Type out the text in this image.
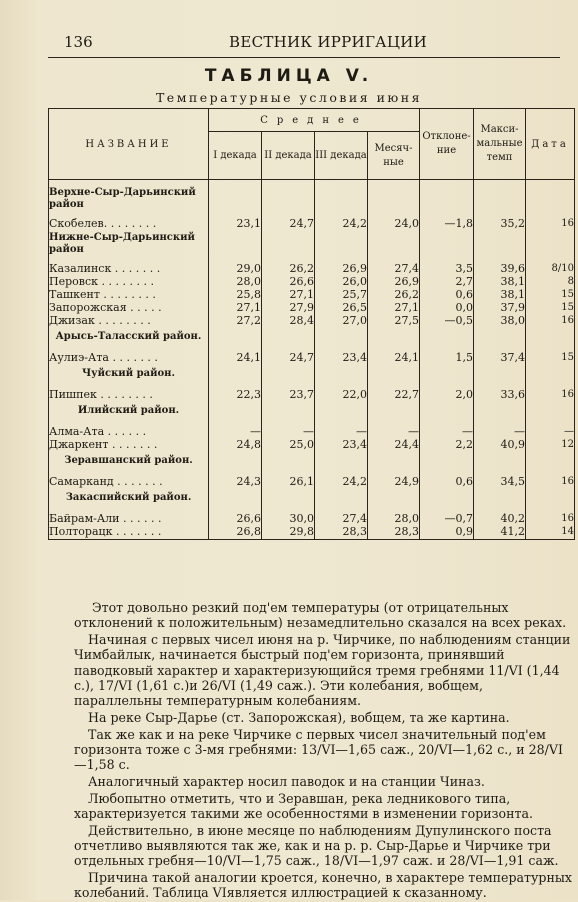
136	ВЕСТНИК ИРРИГАЦИИ
ТАБЛИЦА V.
Температурные условия июня
НАЗВАНИЕ	Среднее				Отклоне-ние	Макси-мальные темп	Дата
	I декада	II декада	III декада	Месяч-ные			

Верхне-Сыр-Дарьинский район							

Скобелев. . . . . . . .	23,1	24,7	24,2	24,0	—1,8	35,2	16
Нижне-Сыр-Дарьинский район							

Казалинск . . . . . . .	29,0	26,2	26,9	27,4	3,5	39,6	8/10
Перовск . . . . . . . .	28,0	26,6	26,0	26,9	2,7	38,1	8
Ташкент . . . . . . . .	25,8	27,1	25,7	26,2	0,6	38,1	15
Запорожская . . . . .	27,1	27,9	26,5	27,1	0,0	37,9	15
Джизак . . . . . . . .	27,2	28,4	27,0	27,5	—0,5	38,0	16
Арысь-Таласский район.							

Аулиэ-Ата . . . . . . .	24,1	24,7	23,4	24,1	1,5	37,4	15
Чуйский район.							

Пишпек . . . . . . . .	22,3	23,7	22,0	22,7	2,0	33,6	16
Илийский район.							

Алма-Ата . . . . . .	—	—	—	—	—	—	—
Джаркент . . . . . . .	24,8	25,0	23,4	24,4	2,2	40,9	12
Зеравшанский район.							

Самарканд . . . . . . .	24,3	26,1	24,2	24,9	0,6	34,5	16
Закаспийский район.							

Байрам-Али . . . . . .	26,6	30,0	27,4	28,0	—0,7	40,2	16
Полторацк . . . . . . .	26,8	29,8	28,3	28,3	0,9	41,2	14

Этот довольно резкий под'ем температуры (от отрицательных отклонений к положительным) незамедлительно сказался на всех реках.

Начиная с первых чисел июня на р. Чирчике, по наблюдениям станции Чимбайлык, начинается быстрый под'ем горизонта, принявший паводковый характер и характеризующийся тремя гребнями 11/VI (1,44 с.), 17/VI (1,61 с.)и 26/VI (1,49 саж.). Эти колебания, вобщем, параллельны температурным колебаниям.

На реке Сыр-Дарье (ст. Запорожская), вобщем, та же картина.

Так же как и на реке Чирчике с первых чисел значительный под'ем горизонта тоже с 3-мя гребнями: 13/VI—1,65 саж., 20/VI—1,62 с., и 28/VI—1,58 с.

Аналогичный характер носил паводок и на станции Чиназ.

Любопытно отметить, что и Зеравшан, река ледникового типа, характеризуется такими же особенностями в изменении горизонта.

Действительно, в июне месяце по наблюдениям Дупулинского поста отчетливо выявляются так же, как и на р. р. Сыр-Дарье и Чирчике три отдельных гребня—10/VI—1,75 саж., 18/VI—1,97 саж. и 28/VI—1,91 саж.

Причина такой аналогии кроется, конечно, в характере температурных колебаний. Таблица VIявляется иллюстрацией к сказанному.
